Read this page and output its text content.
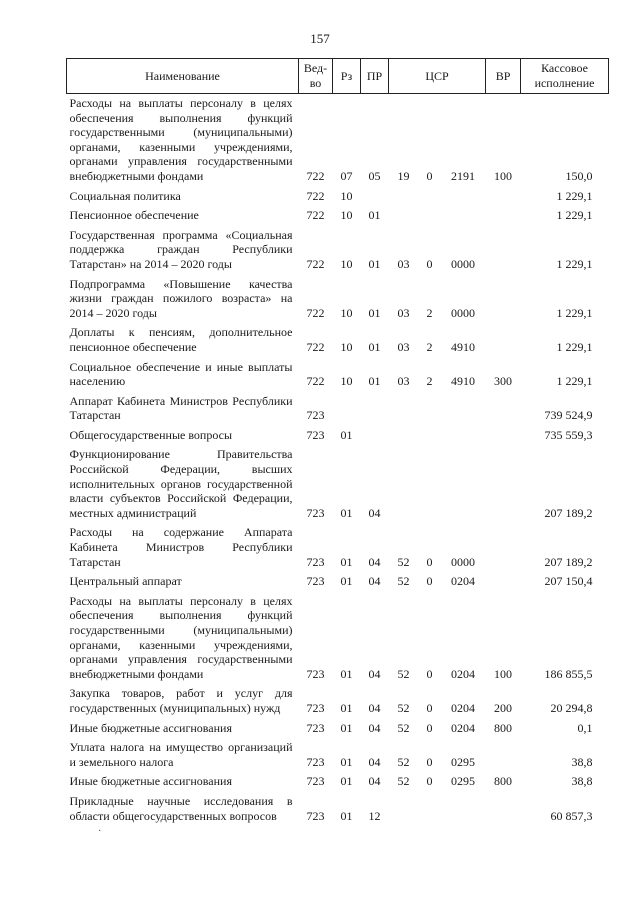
157
Наименование	Вед-во	Рз	ПР	ЦСР			ВР	Кассовое исполнение
Расходы на выплаты персоналу в целях обеспечения выполнения функций государственными (муниципальными) органами, казенными учреждениями, органами управления государственными внебюджетными фондами	722	07	05	19	0	2191	100	150,0
Социальная политика	722	10						1 229,1
Пенсионное обеспечение	722	10	01					1 229,1
Государственная программа «Социальная поддержка граждан Республики Татарстан» на 2014 – 2020 годы	722	10	01	03	0	0000		1 229,1
Подпрограмма «Повышение качества жизни граждан пожилого возраста» на 2014 – 2020 годы	722	10	01	03	2	0000		1 229,1
Доплаты к пенсиям, дополнительное пенсионное обеспечение	722	10	01	03	2	4910		1 229,1
Социальное обеспечение и иные выплаты населению	722	10	01	03	2	4910	300	1 229,1
Аппарат Кабинета Министров Республики Татарстан	723							739 524,9
Общегосударственные вопросы	723	01						735 559,3
Функционирование Правительства Российской Федерации, высших исполнительных органов государственной власти субъектов Российской Федерации, местных администраций	723	01	04					207 189,2
Расходы на содержание Аппарата Кабинета Министров Республики Татарстан	723	01	04	52	0	0000		207 189,2
Центральный аппарат	723	01	04	52	0	0204		207 150,4
Расходы на выплаты персоналу в целях обеспечения выполнения функций государственными (муниципальными) органами, казенными учреждениями, органами управления государственными внебюджетными фондами	723	01	04	52	0	0204	100	186 855,5
Закупка товаров, работ и услуг для государственных (муниципальных) нужд	723	01	04	52	0	0204	200	20 294,8
Иные бюджетные ассигнования	723	01	04	52	0	0204	800	0,1
Уплата налога на имущество организаций и земельного налога	723	01	04	52	0	0295		38,8
Иные бюджетные ассигнования	723	01	04	52	0	0295	800	38,8
Прикладные научные исследования в области общегосударственных вопросов	723	01	12					60 857,3
·
